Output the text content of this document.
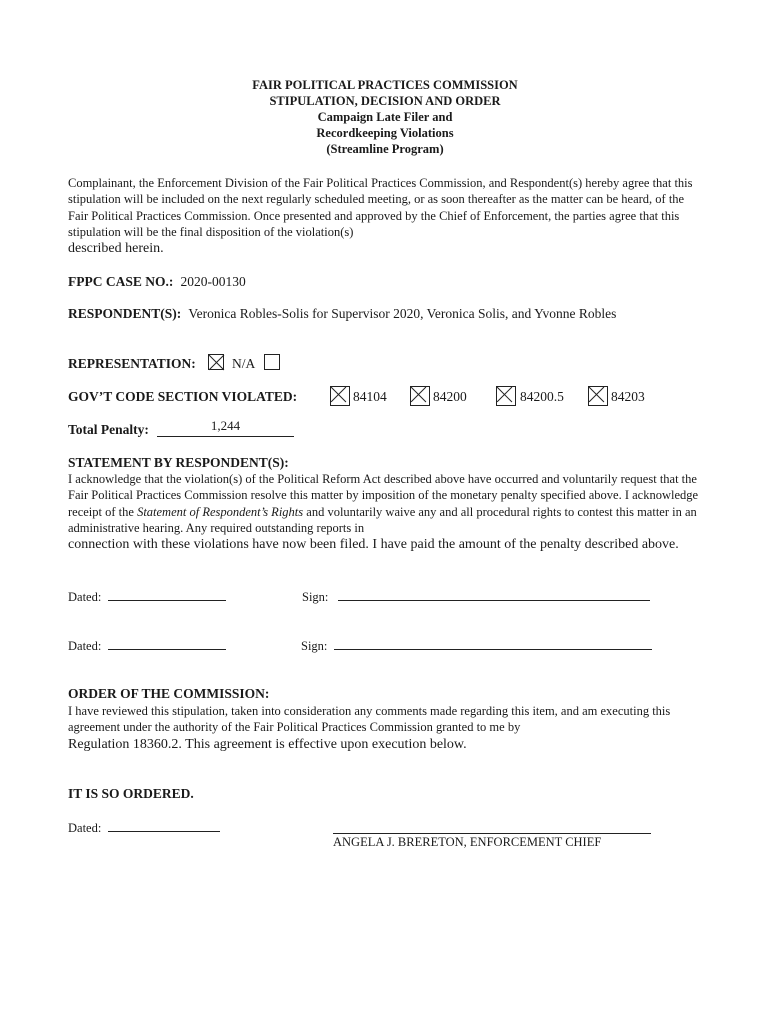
FAIR POLITICAL PRACTICES COMMISSION
STIPULATION, DECISION AND ORDER
Campaign Late Filer and
Recordkeeping Violations
(Streamline Program)
Complainant, the Enforcement Division of the Fair Political Practices Commission, and Respondent(s) hereby agree that this stipulation will be included on the next regularly scheduled meeting, or as soon thereafter as the matter can be heard, of the Fair Political Practices Commission. Once presented and approved by the Chief of Enforcement, the parties agree that this stipulation will be the final disposition of the violation(s)
described herein.
FPPC CASE NO.: 2020-00130
RESPONDENT(S): Veronica Robles-Solis for Supervisor 2020, Veronica Solis, and Yvonne Robles
REPRESENTATION:	N/A
GOV’T CODE SECTION VIOLATED:	84104	84200	84200.5	84203
Total Penalty:	1,244
STATEMENT BY RESPONDENT(S):
I acknowledge that the violation(s) of the Political Reform Act described above have occurred and voluntarily request that the Fair Political Practices Commission resolve this matter by imposition of the monetary penalty specified above. I acknowledge receipt of the Statement of Respondent’s Rights and voluntarily waive any and all procedural rights to contest this matter in an administrative hearing. Any required outstanding reports in
connection with these violations have now been filed. I have paid the amount of the penalty described above.
Dated:	Sign:
Dated:	Sign:
ORDER OF THE COMMISSION:
I have reviewed this stipulation, taken into consideration any comments made regarding this item, and am executing this agreement under the authority of the Fair Political Practices Commission granted to me by
Regulation 18360.2. This agreement is effective upon execution below.
IT IS SO ORDERED.
Dated:
ANGELA J. BRERETON, ENFORCEMENT CHIEF
